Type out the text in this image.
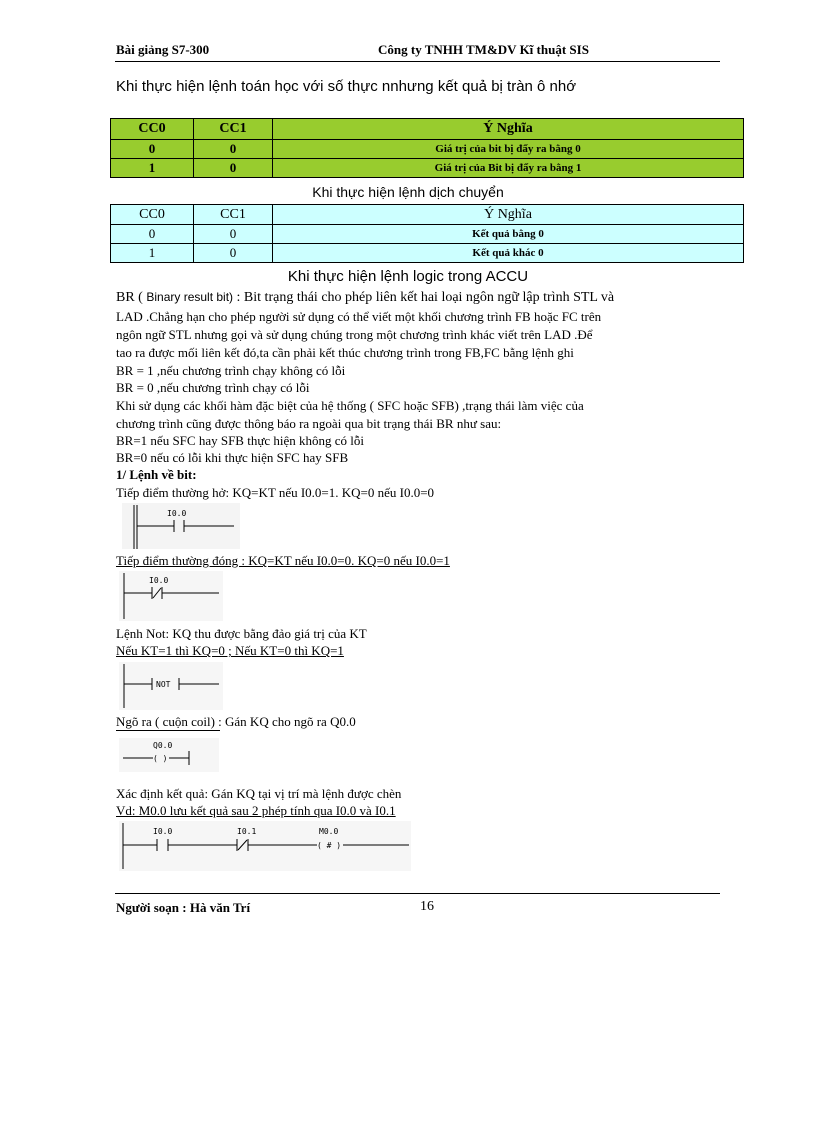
Bài giảng S7-300	Công ty TNHH TM&DV Kĩ thuật SIS
Khi thực hiện lệnh toán học với số thực nnhưng kết quả bị tràn ô nhớ
CC0	CC1	Ý Nghĩa
0	0	Giá trị của bit bị đẩy ra bằng 0
1	0	Giá trị của Bit bị đẩy ra bằng 1
Khi thực hiện lệnh dịch chuyển
CC0	CC1	Ý Nghĩa
0	0	Kết quả bằng 0
1	0	Kết quả khác 0
Khi thực hiện lệnh logic trong ACCU
BR ( Binary result bit) : Bit trạng thái cho phép liên kết hai loại ngôn ngữ lập trình STL và
LAD .Chẳng hạn cho phép người sử dụng có thể viết một khối chương trình FB hoặc FC trên
ngôn ngữ STL nhưng gọi và sử dụng chúng trong một chương trình khác viết trên LAD .Để
tao ra được mối liên kết đó,ta cần phải kết thúc chương trình trong FB,FC bằng lệnh ghi
BR = 1 ,nếu chương trình chạy không có lỗi
BR = 0 ,nếu chương trình chạy có lỗi
Khi sử dụng các khối hàm đặc biệt của hệ thống ( SFC hoặc SFB) ,trạng thái làm việc của
chương trình cũng được thông báo ra ngoài qua bit trạng thái BR như sau:
BR=1 nếu SFC hay SFB thực hiện không có lỗi
BR=0 nếu có lỗi khi thực hiện SFC hay SFB
1/ Lệnh về bit:
Tiếp điểm thường hở: KQ=KT nếu I0.0=1. KQ=0 nếu I0.0=0
I0.0
Tiếp điểm thường đóng : KQ=KT nếu I0.0=0. KQ=0 nếu I0.0=1
I0.0
Lệnh Not: KQ thu được bằng đảo giá trị của KT
Nếu KT=1 thì KQ=0 ; Nếu KT=0 thì KQ=1
NOT
Ngõ ra ( cuộn coil) : Gán KQ cho ngõ ra Q0.0
( )
Q0.0
Xác định kết quả: Gán KQ tại vị trí mà lệnh được chèn
Vd: M0.0 lưu kết quả sau 2 phép tính qua I0.0 và I0.1
I0.0	I0.1
( # )
M0.0
Người soạn : Hà văn Trí	16
